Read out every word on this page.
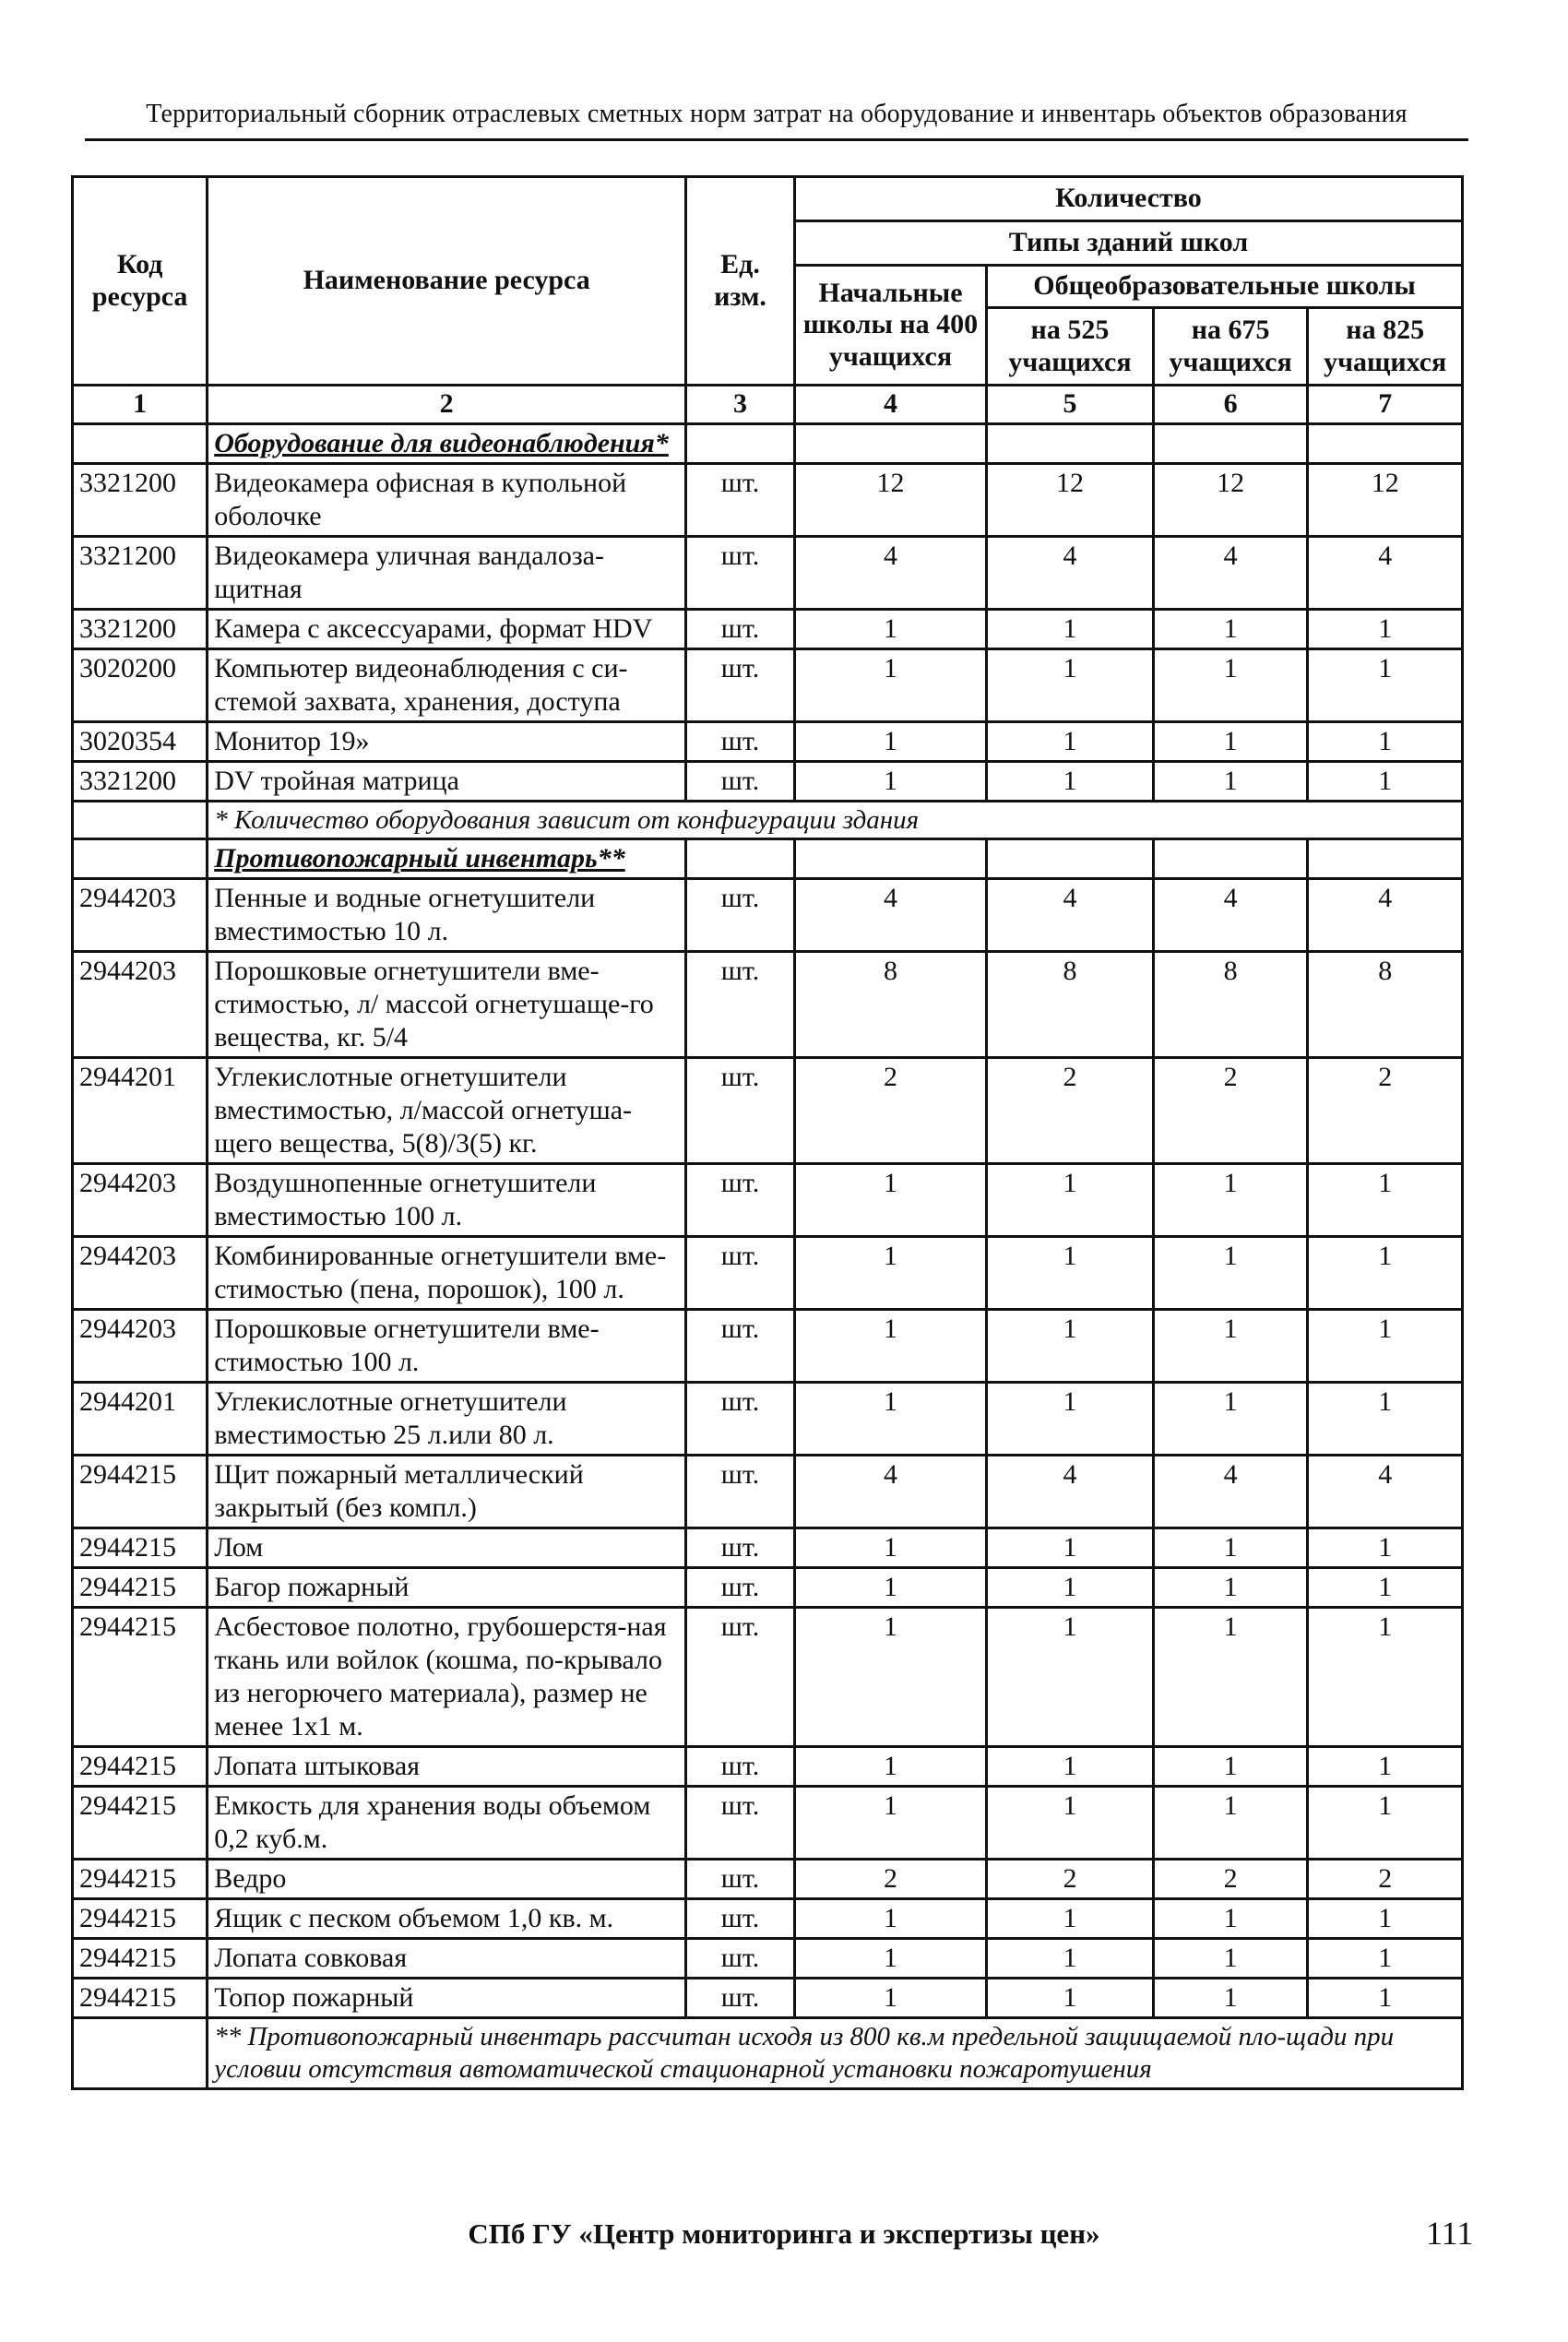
Территориальный сборник отраслевых сметных норм затрат на оборудование и инвентарь объектов образования
Код ресурса	Наименование ресурса	Ед. изм.	Количество			
			Типы зданий школ			
			Начальные школы на 400 учащихся	Общеобразовательные школы		
				на 525 учащихся	на 675 учащихся	на 825 учащихся
1	2	3	4	5	6	7
	Оборудование для видеонаблюдения*					
3321200	Видеокамера офисная в купольной оболочке	шт.	12	12	12	12
3321200	Видеокамера уличная вандалоза-щитная	шт.	4	4	4	4
3321200	Камера с аксессуарами, формат HDV	шт.	1	1	1	1
3020200	Компьютер видеонаблюдения с си-стемой захвата, хранения, доступа	шт.	1	1	1	1
3020354	Монитор 19»	шт.	1	1	1	1
3321200	DV тройная матрица	шт.	1	1	1	1
	* Количество оборудования зависит от конфигурации здания					
	Противопожарный инвентарь**					
2944203	Пенные и водные огнетушители вместимостью 10 л.	шт.	4	4	4	4
2944203	Порошковые огнетушители вме-стимостью, л/ массой огнетушаще-го вещества, кг. 5/4	шт.	8	8	8	8
2944201	Углекислотные огнетушители вместимостью, л/массой огнетуша-щего вещества, 5(8)/3(5) кг.	шт.	2	2	2	2
2944203	Воздушнопенные огнетушители вместимостью 100 л.	шт.	1	1	1	1
2944203	Комбинированные огнетушители вме-стимостью (пена, порошок), 100 л.	шт.	1	1	1	1
2944203	Порошковые огнетушители вме-стимостью 100 л.	шт.	1	1	1	1
2944201	Углекислотные огнетушители вместимостью 25 л.или 80 л.	шт.	1	1	1	1
2944215	Щит пожарный металлический закрытый (без компл.)	шт.	4	4	4	4
2944215	Лом	шт.	1	1	1	1
2944215	Багор пожарный	шт.	1	1	1	1
2944215	Асбестовое полотно, грубошерстя-ная ткань или войлок (кошма, по-крывало из негорючего материала), размер не менее 1х1 м.	шт.	1	1	1	1
2944215	Лопата штыковая	шт.	1	1	1	1
2944215	Емкость для хранения воды объемом 0,2 куб.м.	шт.	1	1	1	1
2944215	Ведро	шт.	2	2	2	2
2944215	Ящик с песком объемом 1,0 кв. м.	шт.	1	1	1	1
2944215	Лопата совковая	шт.	1	1	1	1
2944215	Топор пожарный	шт.	1	1	1	1
	** Противопожарный инвентарь рассчитан исходя из 800 кв.м предельной защищаемой пло-щади при условии отсутствия автоматической стационарной установки пожаротушения					
СПб ГУ «Центр мониторинга и экспертизы цен»	111
